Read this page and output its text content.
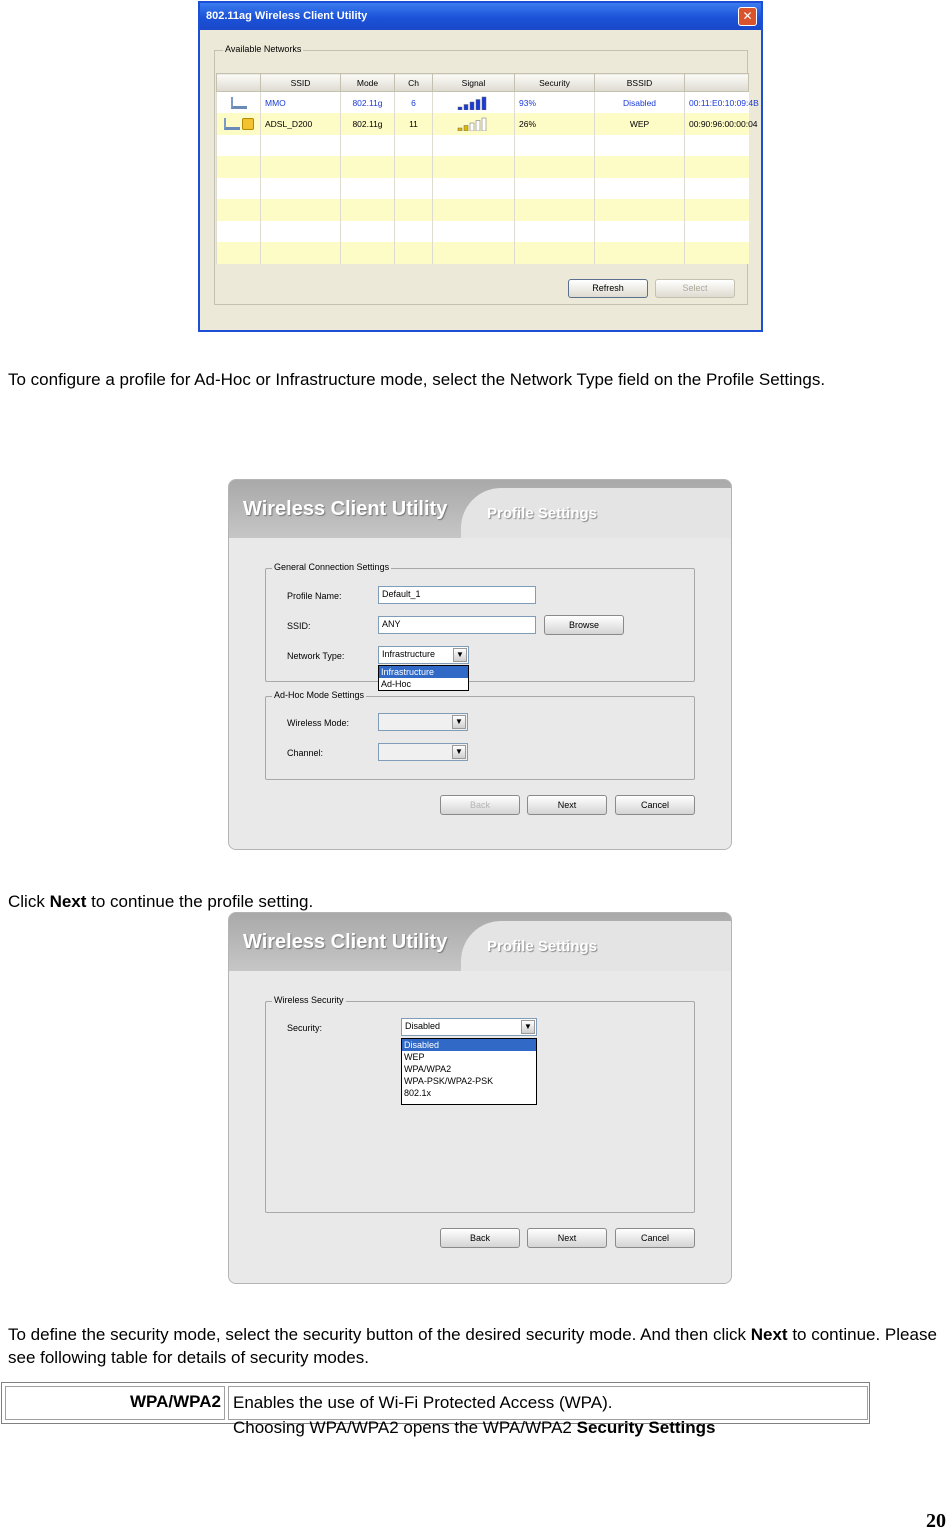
802.11ag Wireless Client Utility	✕
Available Networks
	SSID	Mode	Ch	Signal	Security	BSSID	
	MMO	802.11g	6		93%	Disabled	00:11:E0:10:09:4B
	ADSL_D200	802.11g	11		26%	WEP	00:90:96:00:00:04

Refresh	Select

To configure a profile for Ad-Hoc or Infrastructure mode, select the Network Type field on the Profile Settings.

Wireless Client Utility	Profile Settings
General Connection Settings
Profile Name:	Default_1
SSID:	ANY	Browse
Network Type:	Infrastructure	▼
Infrastructure
Ad-Hoc
Ad-Hoc Mode Settings
Wireless Mode:	▼
Channel:	▼
Back	Next	Cancel

Click Next to continue the profile setting.

Wireless Client Utility	Profile Settings
Wireless Security
Security:	Disabled	▼
Disabled
WEP
WPA/WPA2
WPA-PSK/WPA2-PSK
802.1x
Back	Next	Cancel

To define the security mode, select the security button of the desired security mode. And then click Next to continue. Please see following table for details of security modes.

WPA/WPA2 Enables the use of Wi-Fi Protected Access (WPA).
Choosing WPA/WPA2 opens the WPA/WPA2 Security Settings
20
